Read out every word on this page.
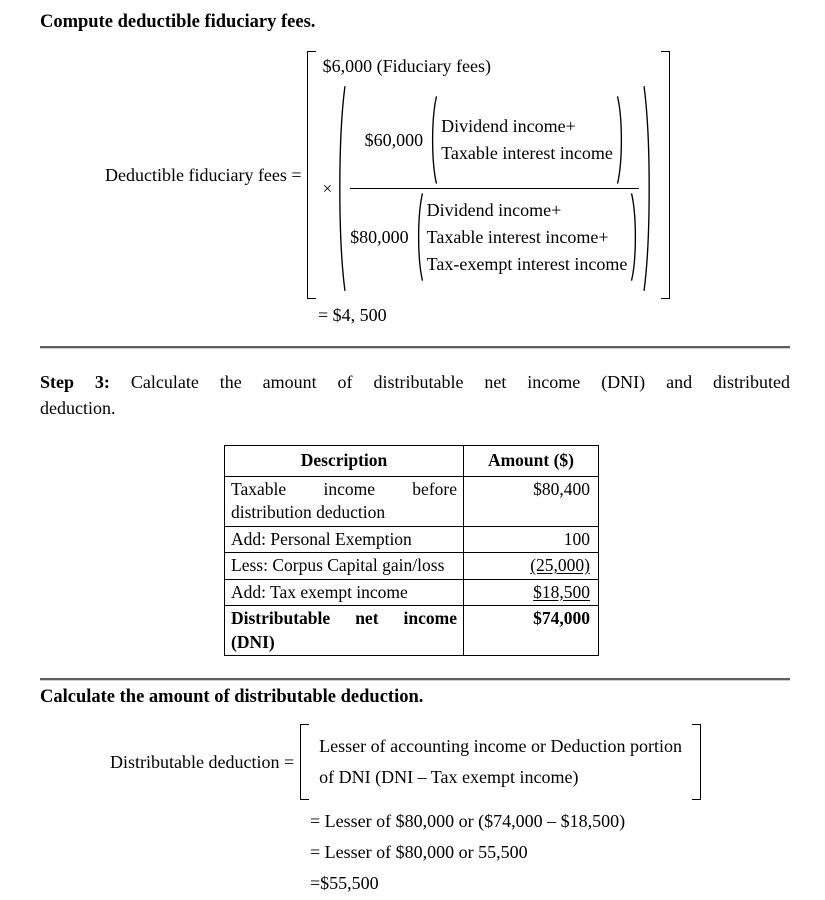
Compute deductible fiduciary fees.
Deductible fiduciary fees =
$6,000 (Fiduciary fees)
×
$60,000
Dividend income+
Taxable interest income
$80,000
Dividend income+
Taxable interest income+
Tax-exempt interest income
= $4, 500
Step 3: Calculate the amount of distributable net income (DNI) and distributed
deduction.
Description	Amount ($)
Taxable income before distribution deduction	$80,400
Add: Personal Exemption	100
Less: Corpus Capital gain/loss	(25,000)
Add: Tax exempt income	$18,500
Distributable net income (DNI)	$74,000
Calculate the amount of distributable deduction.
Distributable deduction =
Lesser of accounting income or Deduction portion
of DNI (DNI – Tax exempt income)
= Lesser of $80,000 or ($74,000 – $18,500)
= Lesser of $80,000 or 55,500
=$55,500
